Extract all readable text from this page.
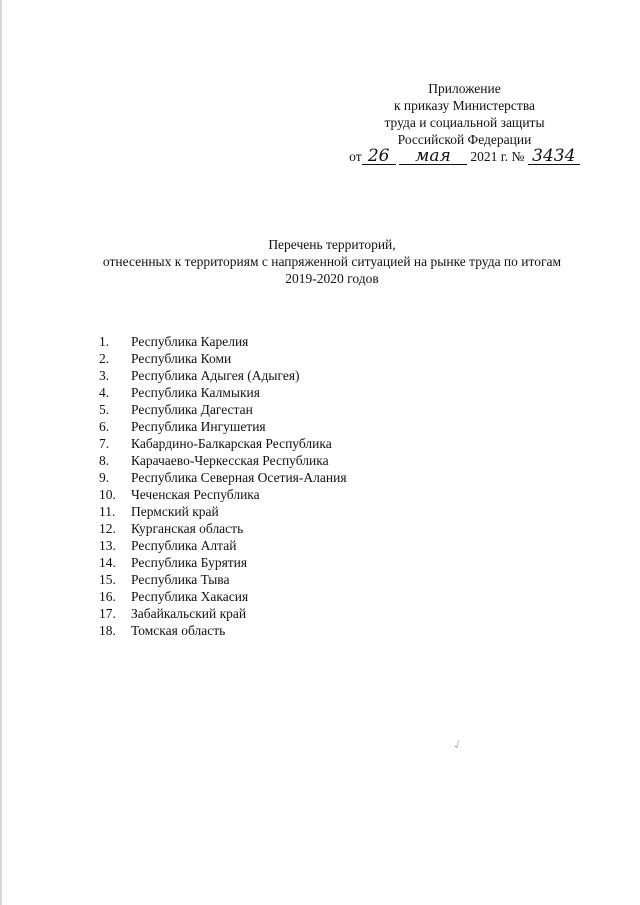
Приложение
к приказу Министерства
труда и социальной защиты
Российской Федерации
от 26 мая 2021 г. № 3434
Перечень территорий,
отнесенных к территориям с напряженной ситуацией на рынке труда по итогам
2019-2020 годов
1.	Республика Карелия
2.	Республика Коми
3.	Республика Адыгея (Адыгея)
4.	Республика Калмыкия
5.	Республика Дагестан
6.	Республика Ингушетия
7.	Кабардино-Балкарская Республика
8.	Карачаево-Черкесская Республика
9.	Республика Северная Осетия-Алания
10.	Чеченская Республика
11.	Пермский край
12.	Курганская область
13.	Республика Алтай
14.	Республика Бурятия
15.	Республика Тыва
16.	Республика Хакасия
17.	Забайкальский край
18.	Томская область
˴⁄
